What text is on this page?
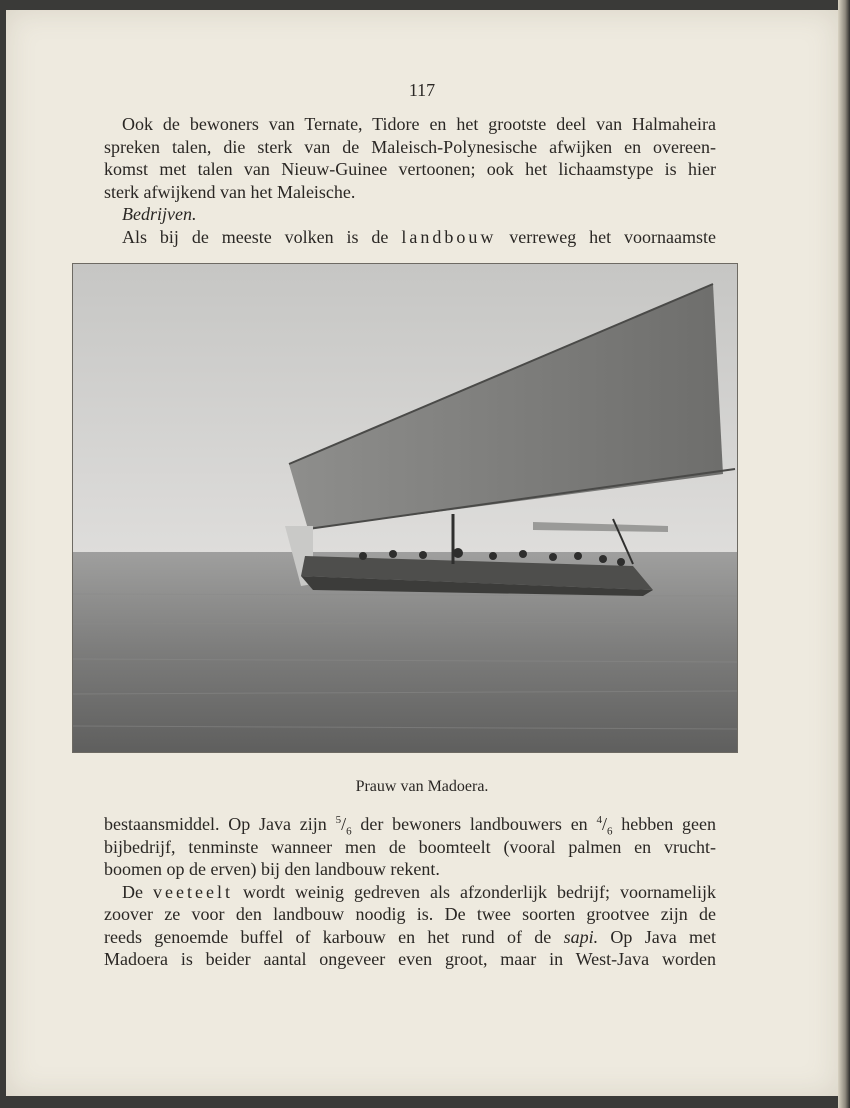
117
Ook de bewoners van Ternate, Tidore en het grootste deel van Halmaheira
spreken talen, die sterk van de Maleisch-Polynesische afwijken en overeen-
komst met talen van Nieuw-Guinee vertoonen; ook het lichaamstype is hier
sterk afwijkend van het Maleische.
Bedrijven.
Als bij de meeste volken is de landbouw verreweg het voornaamste
Prauw van Madoera.
bestaansmiddel. Op Java zijn $^5/_6$ der bewoners landbouwers en $^4/_6$ hebben geen
bijbedrijf, tenminste wanneer men de boomteelt (vooral palmen en vrucht-
boomen op de erven) bij den landbouw rekent.
De veeteelt wordt weinig gedreven als afzonderlijk bedrijf; voornamelijk
zoover ze voor den landbouw noodig is. De twee soorten grootvee zijn de
reeds genoemde buffel of karbouw en het rund of de sapi. Op Java met
Madoera is beider aantal ongeveer even groot, maar in West-Java worden
